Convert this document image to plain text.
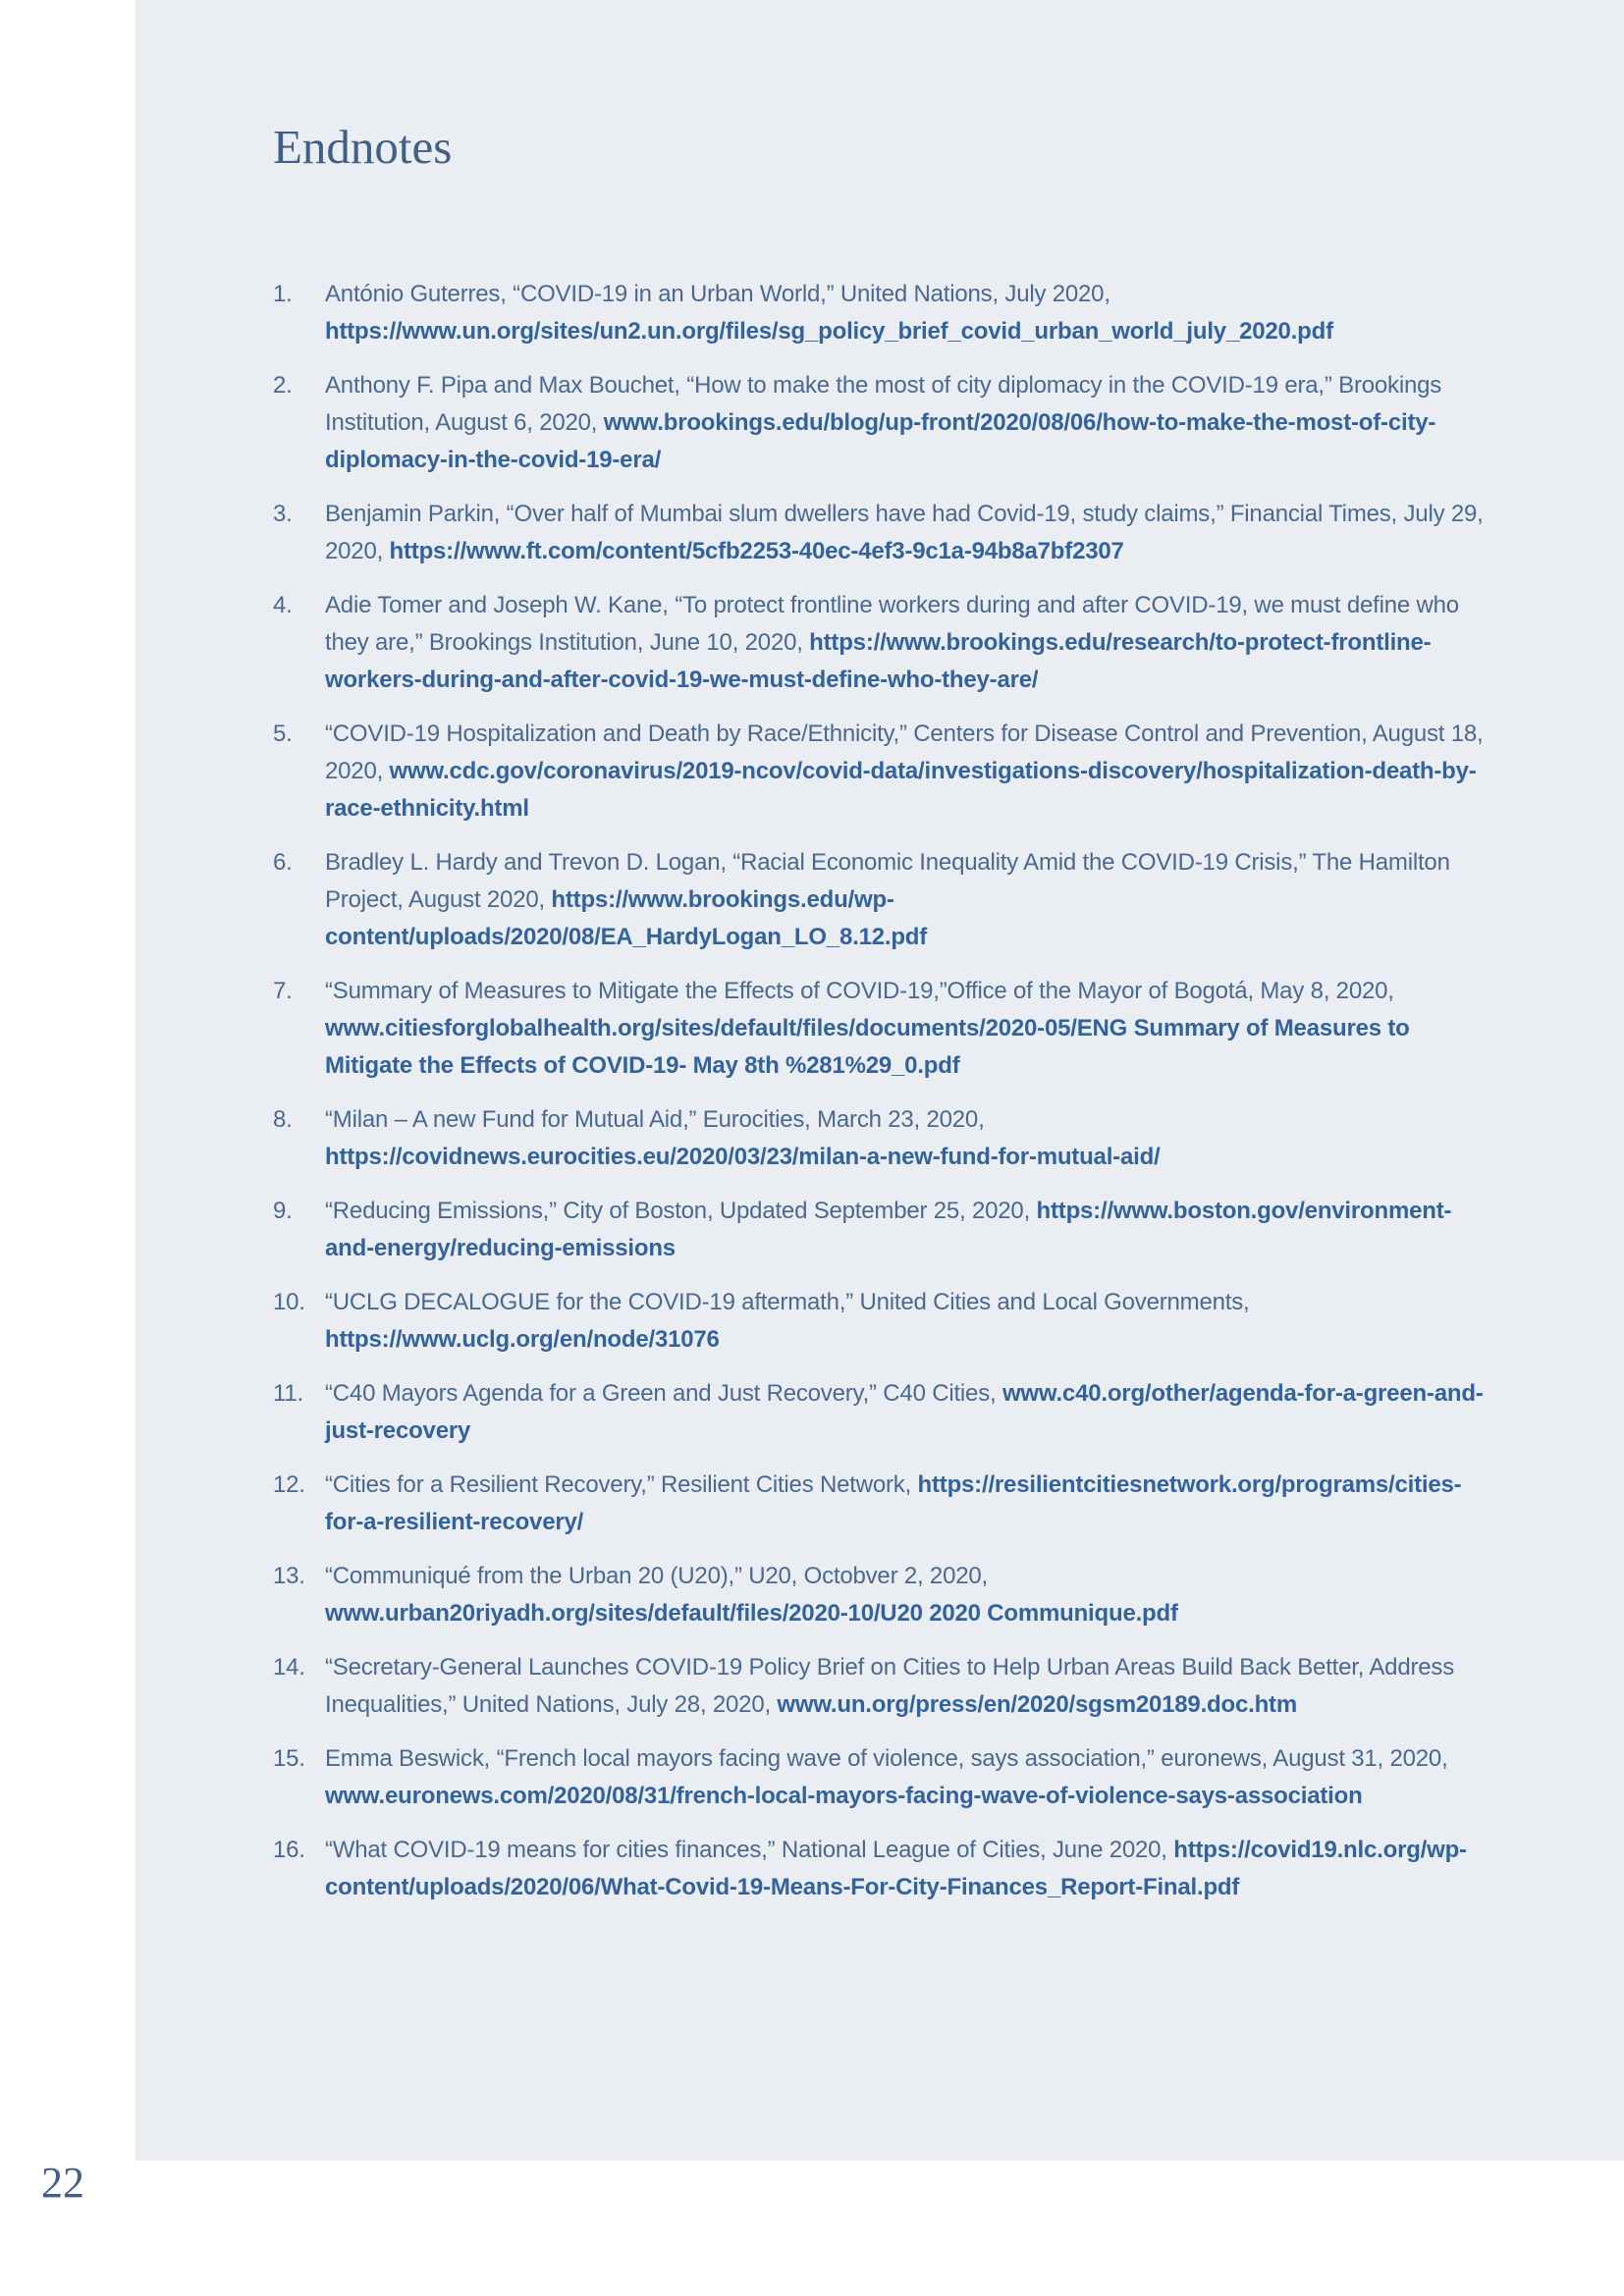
Endnotes
1.	António Guterres, “COVID-19 in an Urban World,” United Nations, July 2020, https://www.un.org/sites/un2.un.org/files/sg_policy_brief_covid_urban_world_july_2020.pdf
2.	Anthony F. Pipa and Max Bouchet, “How to make the most of city diplomacy in the COVID-19 era,” Brookings Institution, August 6, 2020, www.brookings.edu/blog/up-front/2020/08/06/how-to-make-the-most-of-city-diplomacy-in-the-covid-19-era/
3.	Benjamin Parkin, “Over half of Mumbai slum dwellers have had Covid-19, study claims,” Financial Times, July 29, 2020, https://www.ft.com/content/5cfb2253-40ec-4ef3-9c1a-94b8a7bf2307
4.	Adie Tomer and Joseph W. Kane, “To protect frontline workers during and after COVID-19, we must define who they are,” Brookings Institution, June 10, 2020, https://www.brookings.edu/research/to-protect-frontline-workers-during-and-after-covid-19-we-must-define-who-they-are/
5.	“COVID-19 Hospitalization and Death by Race/Ethnicity,” Centers for Disease Control and Prevention, August 18, 2020, www.cdc.gov/coronavirus/2019-ncov/covid-data/investigations-discovery/hospitalization-death-by-race-ethnicity.html
6.	Bradley L. Hardy and Trevon D. Logan, “Racial Economic Inequality Amid the COVID-19 Crisis,” The Hamilton Project, August 2020, https://www.brookings.edu/wp-content/uploads/2020/08/EA_HardyLogan_LO_8.12.pdf
7.	“Summary of Measures to Mitigate the Effects of COVID-19,”Office of the Mayor of Bogotá, May 8, 2020, www.citiesforglobalhealth.org/sites/default/files/documents/2020-05/ENG Summary of Measures to Mitigate the Effects of COVID-19- May 8th %281%29_0.pdf
8.	“Milan – A new Fund for Mutual Aid,” Eurocities, March 23, 2020, https://covidnews.eurocities.eu/2020/03/23/milan-a-new-fund-for-mutual-aid/
9.	“Reducing Emissions,” City of Boston, Updated September 25, 2020, https://www.boston.gov/environment-and-energy/reducing-emissions
10. “UCLG DECALOGUE for the COVID-19 aftermath,” United Cities and Local Governments, https://www.uclg.org/en/node/31076
11. “C40 Mayors Agenda for a Green and Just Recovery,” C40 Cities, www.c40.org/other/agenda-for-a-green-and-just-recovery
12. “Cities for a Resilient Recovery,” Resilient Cities Network, https://resilientcitiesnetwork.org/programs/cities-for-a-resilient-recovery/
13. “Communiqué from the Urban 20 (U20),” U20, Octobver 2, 2020, www.urban20riyadh.org/sites/default/files/2020-10/U20 2020 Communique.pdf
14. “Secretary-General Launches COVID-19 Policy Brief on Cities to Help Urban Areas Build Back Better, Address Inequalities,” United Nations, July 28, 2020, www.un.org/press/en/2020/sgsm20189.doc.htm
15. Emma Beswick, “French local mayors facing wave of violence, says association,” euronews, August 31, 2020, www.euronews.com/2020/08/31/french-local-mayors-facing-wave-of-violence-says-association
16. “What COVID-19 means for cities finances,” National League of Cities, June 2020, https://covid19.nlc.org/wp-content/uploads/2020/06/What-Covid-19-Means-For-City-Finances_Report-Final.pdf
22
